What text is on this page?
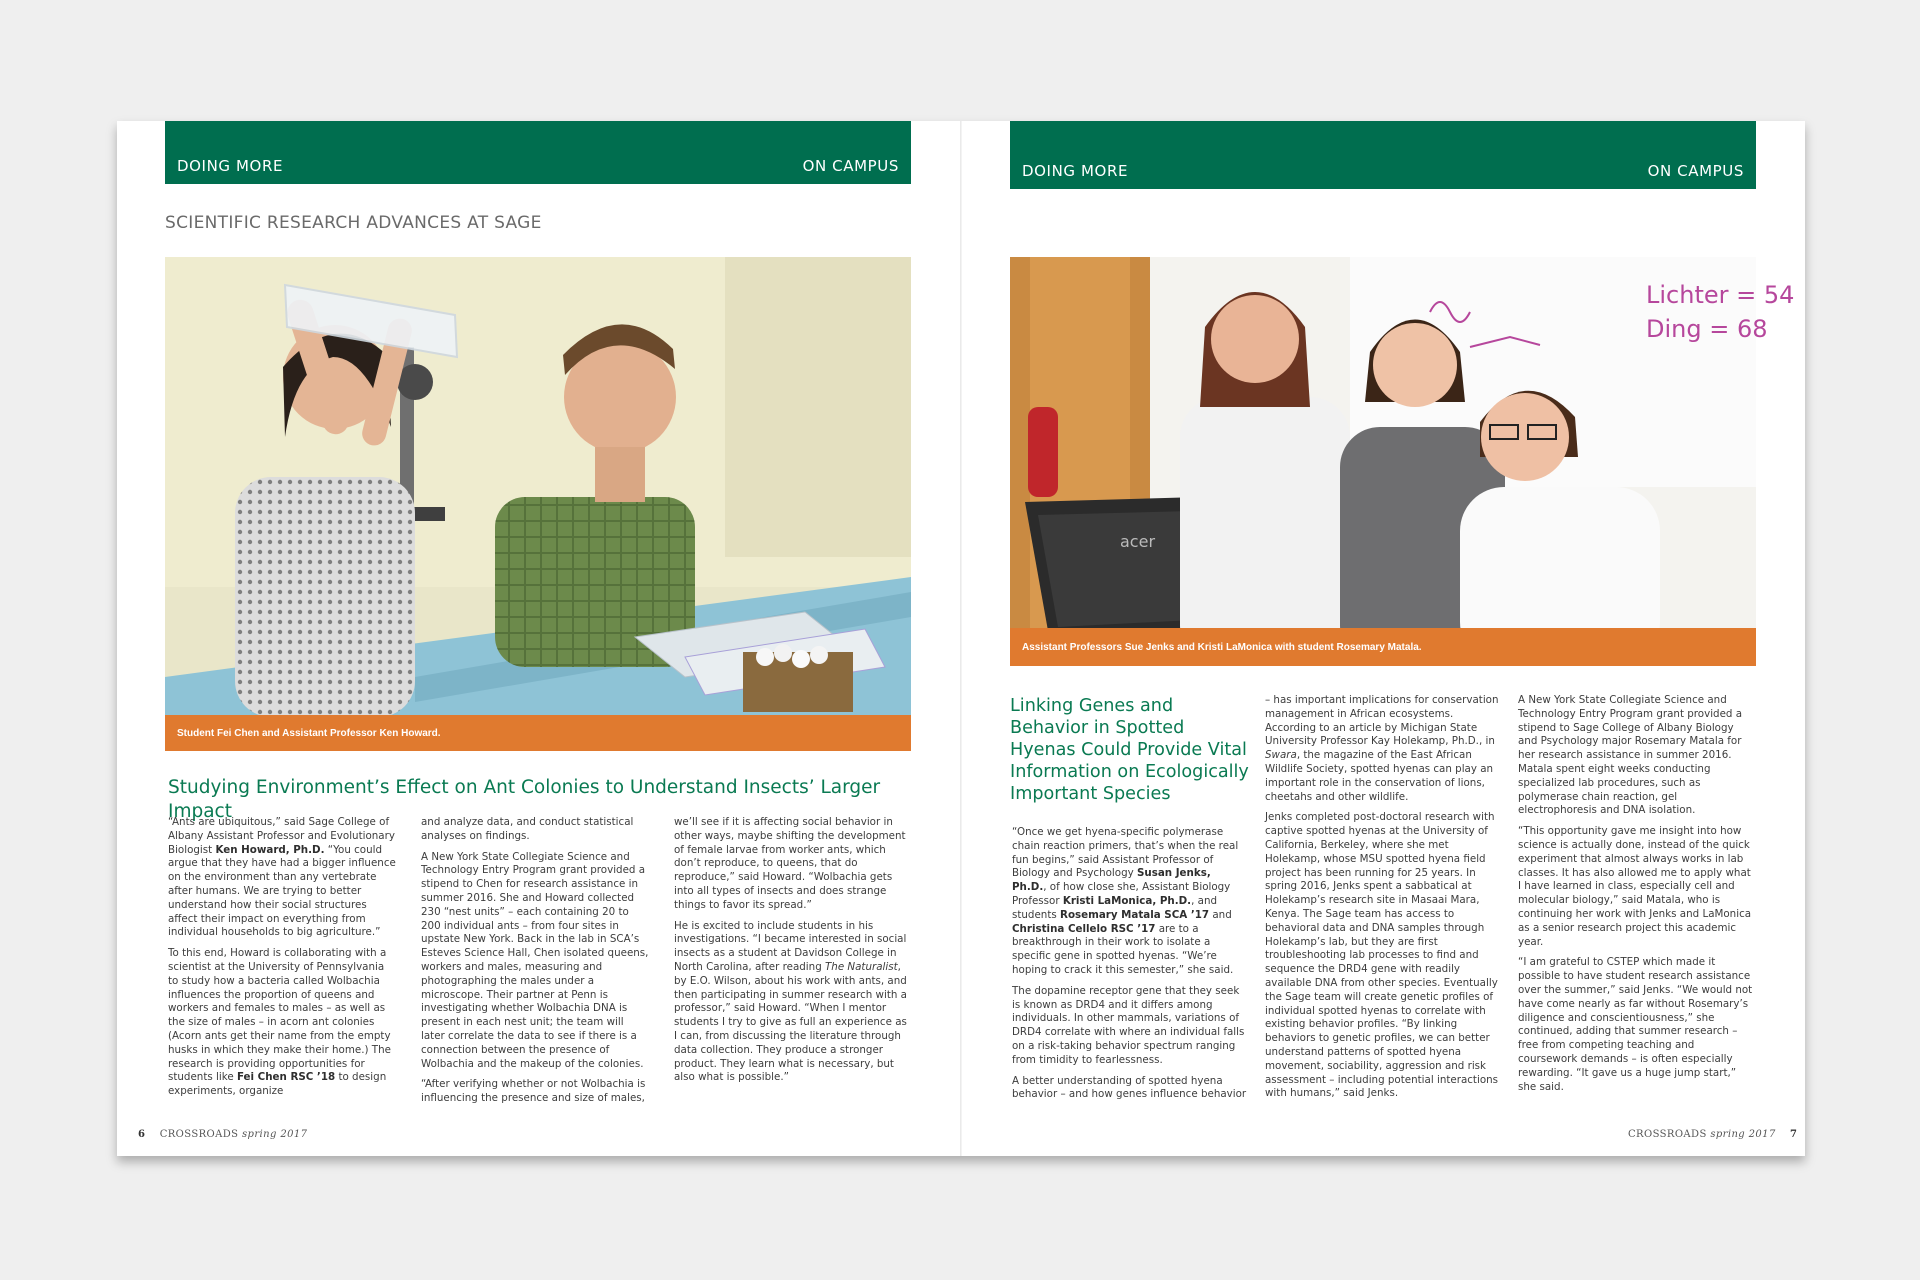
DOING MORE	ON CAMPUS
SCIENTIFIC RESEARCH ADVANCES AT SAGE
Student Fei Chen and Assistant Professor Ken Howard.
Studying Environment’s Effect on Ant Colonies to Understand Insects’ Larger Impact

“Ants are ubiquitous,” said Sage College of Albany Assistant Professor and Evolutionary Biologist Ken Howard, Ph.D. “You could argue that they have had a bigger influence on the environment than any vertebrate after humans. We are trying to better understand how their social structures affect their impact on everything from individual households to big agriculture.”

To this end, Howard is collaborating with a scientist at the University of Pennsylvania to study how a bacteria called Wolbachia influences the proportion of queens and workers and females to males – as well as the size of males – in acorn ant colonies (Acorn ants get their name from the empty husks in which they make their home.) The research is providing opportunities for students like Fei Chen RSC ’18 to design experiments, organize

and analyze data, and conduct statistical analyses on findings.

A New York State Collegiate Science and Technology Entry Program grant provided a stipend to Chen for research assistance in summer 2016. She and Howard collected 230 “nest units” – each containing 20 to 200 individual ants – from four sites in upstate New York. Back in the lab in SCA’s Esteves Science Hall, Chen isolated queens, workers and males, measuring and photographing the males under a microscope. Their partner at Penn is investigating whether Wolbachia DNA is present in each nest unit; the team will later correlate the data to see if there is a connection between the presence of Wolbachia and the makeup of the colonies.

“After verifying whether or not Wolbachia is influencing the presence and size of males,

we’ll see if it is affecting social behavior in other ways, maybe shifting the development of female larvae from worker ants, which don’t reproduce, to queens, that do reproduce,” said Howard. “Wolbachia gets into all types of insects and does strange things to favor its spread.”

He is excited to include students in his investigations. “I became interested in social insects as a student at Davidson College in North Carolina, after reading The Naturalist, by E.O. Wilson, about his work with ants, and then participating in summer research with a professor,” said Howard. “When I mentor students I try to give as full an experience as I can, from discussing the literature through data collection. They produce a stronger product. They learn what is necessary, but also what is possible.”

6 CROSSROADS spring 2017
DOING MORE	ON CAMPUS
Lichter = 54
Ding = 68
acer
Assistant Professors Sue Jenks and Kristi LaMonica with student Rosemary Matala.
Linking Genes and Behavior in Spotted Hyenas Could Provide Vital Information on Ecologically Important Species

“Once we get hyena-specific polymerase chain reaction primers, that’s when the real fun begins,” said Assistant Professor of Biology and Psychology Susan Jenks, Ph.D., of how close she, Assistant Biology Professor Kristi LaMonica, Ph.D., and students Rosemary Matala SCA ’17 and Christina Cellelo RSC ’17 are to a breakthrough in their work to isolate a specific gene in spotted hyenas. “We’re hoping to crack it this semester,” she said.

The dopamine receptor gene that they seek is known as DRD4 and it differs among individuals. In other mammals, variations of DRD4 correlate with where an individual falls on a risk-taking behavior spectrum ranging from timidity to fearlessness.

A better understanding of spotted hyena behavior – and how genes influence behavior

– has important implications for conservation management in African ecosystems. According to an article by Michigan State University Professor Kay Holekamp, Ph.D., in Swara, the magazine of the East African Wildlife Society, spotted hyenas can play an important role in the conservation of lions, cheetahs and other wildlife.

Jenks completed post-doctoral research with captive spotted hyenas at the University of California, Berkeley, where she met Holekamp, whose MSU spotted hyena field project has been running for 25 years. In spring 2016, Jenks spent a sabbatical at Holekamp’s research site in Masaai Mara, Kenya. The Sage team has access to behavioral data and DNA samples through Holekamp’s lab, but they are first troubleshooting lab processes to find and sequence the DRD4 gene with readily available DNA from other species. Eventually the Sage team will create genetic profiles of individual spotted hyenas to correlate with existing behavior profiles. “By linking behaviors to genetic profiles, we can better understand patterns of spotted hyena movement, sociability, aggression and risk assessment – including potential interactions with humans,” said Jenks.

A New York State Collegiate Science and Technology Entry Program grant provided a stipend to Sage College of Albany Biology and Psychology major Rosemary Matala for her research assistance in summer 2016. Matala spent eight weeks conducting specialized lab procedures, such as polymerase chain reaction, gel electrophoresis and DNA isolation.

“This opportunity gave me insight into how science is actually done, instead of the quick experiment that almost always works in lab classes. It has also allowed me to apply what I have learned in class, especially cell and molecular biology,” said Matala, who is continuing her work with Jenks and LaMonica as a senior research project this academic year.

“I am grateful to CSTEP which made it possible to have student research assistance over the summer,” said Jenks. “We would not have come nearly as far without Rosemary’s diligence and conscientiousness,” she continued, adding that summer research – free from competing teaching and coursework demands – is often especially rewarding. “It gave us a huge jump start,” she said.

CROSSROADS spring 2017 7
